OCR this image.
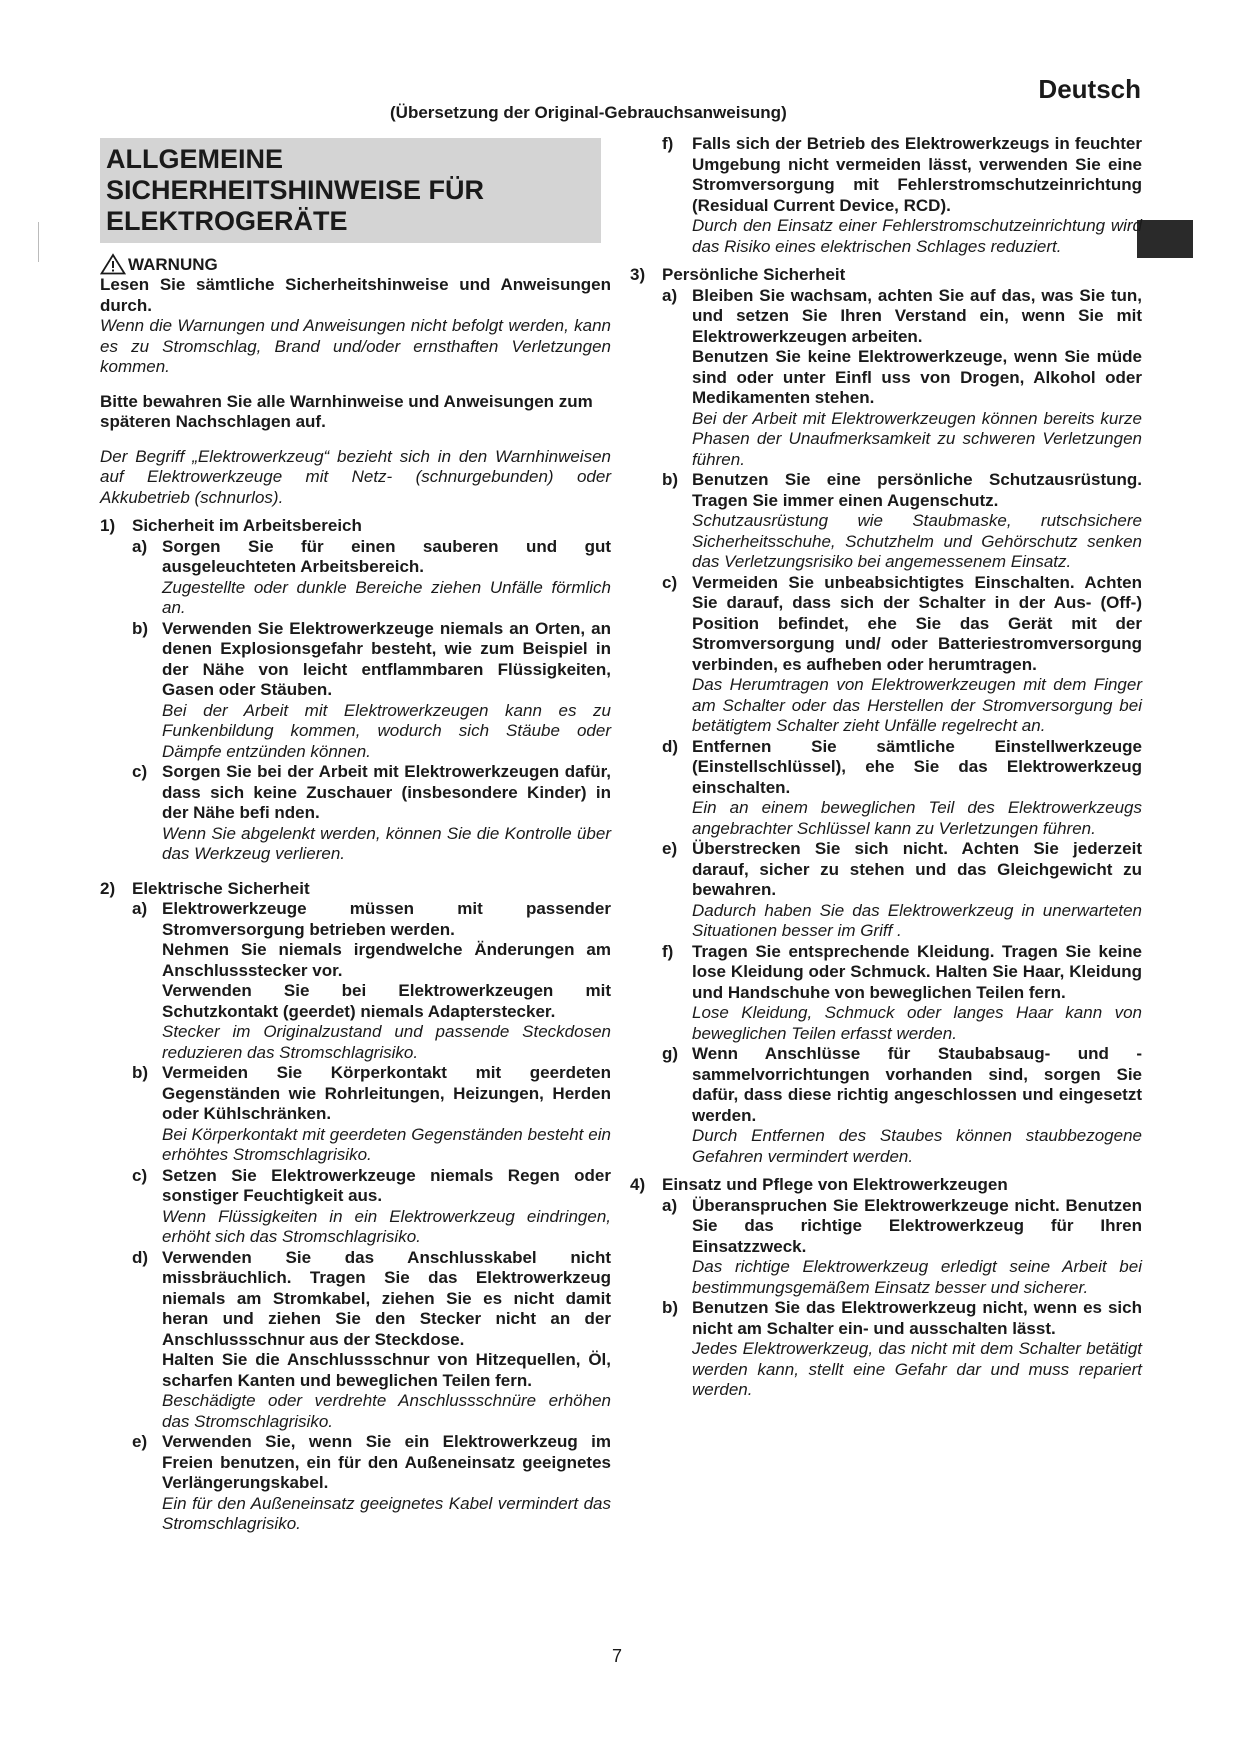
Deutsch
(Übersetzung der Original-Gebrauchsanweisung)
ALLGEMEINE SICHERHEITSHINWEISE FÜR ELEKTROGERÄTE
WARNUNG

Lesen Sie sämtliche Sicherheitshinweise und Anweisungen durch.

Wenn die Warnungen und Anweisungen nicht befolgt werden, kann es zu Stromschlag, Brand und/oder ernsthaften Verletzungen kommen.

Bitte bewahren Sie alle Warnhinweise und Anweisungen zum späteren Nachschlagen auf.

Der Begriff „Elektrowerkzeug“ bezieht sich in den Warnhinweisen auf Elektrowerkzeuge mit Netz- (schnurgebunden) oder Akkubetrieb (schnurlos).

1) Sicherheit im Arbeitsbereich
a) Sorgen Sie für einen sauberen und gut ausgeleuchteten Arbeitsbereich.

Zugestellte oder dunkle Bereiche ziehen Unfälle förmlich an.

b) Verwenden Sie Elektrowerkzeuge niemals an Orten, an denen Explosionsgefahr besteht, wie zum Beispiel in der Nähe von leicht entflammbaren Flüssigkeiten, Gasen oder Stäuben.

Bei der Arbeit mit Elektrowerkzeugen kann es zu Funkenbildung kommen, wodurch sich Stäube oder Dämpfe entzünden können.

c) Sorgen Sie bei der Arbeit mit Elektrowerkzeugen dafür, dass sich keine Zuschauer (insbesondere Kinder) in der Nähe befi nden.

Wenn Sie abgelenkt werden, können Sie die Kontrolle über das Werkzeug verlieren.

2) Elektrische Sicherheit
a) Elektrowerkzeuge müssen mit passender Stromversorgung betrieben werden.

Nehmen Sie niemals irgendwelche Änderungen am Anschlussstecker vor.

Verwenden Sie bei Elektrowerkzeugen mit Schutzkontakt (geerdet) niemals Adapterstecker.

Stecker im Originalzustand und passende Steckdosen reduzieren das Stromschlagrisiko.

b) Vermeiden Sie Körperkontakt mit geerdeten Gegenständen wie Rohrleitungen, Heizungen, Herden oder Kühlschränken.

Bei Körperkontakt mit geerdeten Gegenständen besteht ein erhöhtes Stromschlagrisiko.

c) Setzen Sie Elektrowerkzeuge niemals Regen oder sonstiger Feuchtigkeit aus.

Wenn Flüssigkeiten in ein Elektrowerkzeug eindringen, erhöht sich das Stromschlagrisiko.

d) Verwenden Sie das Anschlusskabel nicht missbräuchlich. Tragen Sie das Elektrowerkzeug niemals am Stromkabel, ziehen Sie es nicht damit heran und ziehen Sie den Stecker nicht an der Anschlussschnur aus der Steckdose.

Halten Sie die Anschlussschnur von Hitzequellen, Öl, scharfen Kanten und beweglichen Teilen fern.

Beschädigte oder verdrehte Anschlussschnüre erhöhen das Stromschlagrisiko.

e) Verwenden Sie, wenn Sie ein Elektrowerkzeug im Freien benutzen, ein für den Außeneinsatz geeignetes Verlängerungskabel.

Ein für den Außeneinsatz geeignetes Kabel vermindert das Stromschlagrisiko.

f)	Falls sich der Betrieb des Elektrowerkzeugs in feuchter Umgebung nicht vermeiden lässt, verwenden Sie eine Stromversorgung mit Fehlerstromschutzeinrichtung (Residual Current Device, RCD).

Durch den Einsatz einer Fehlerstromschutzeinrichtung wird das Risiko eines elektrischen Schlages reduziert.

3) Persönliche Sicherheit
a) Bleiben Sie wachsam, achten Sie auf das, was Sie tun, und setzen Sie Ihren Verstand ein, wenn Sie mit Elektrowerkzeugen arbeiten.

Benutzen Sie keine Elektrowerkzeuge, wenn Sie müde sind oder unter Einfl uss von Drogen, Alkohol oder Medikamenten stehen.

Bei der Arbeit mit Elektrowerkzeugen können bereits kurze Phasen der Unaufmerksamkeit zu schweren Verletzungen führen.

b) Benutzen Sie eine persönliche Schutzausrüstung. Tragen Sie immer einen Augenschutz.

Schutzausrüstung wie Staubmaske, rutschsichere Sicherheitsschuhe, Schutzhelm und Gehörschutz senken das Verletzungsrisiko bei angemessenem Einsatz.

c) Vermeiden Sie unbeabsichtigtes Einschalten. Achten Sie darauf, dass sich der Schalter in der Aus- (Off-) Position befindet, ehe Sie das Gerät mit der Stromversorgung und/ oder Batteriestromversorgung verbinden, es aufheben oder herumtragen.

Das Herumtragen von Elektrowerkzeugen mit dem Finger am Schalter oder das Herstellen der Stromversorgung bei betätigtem Schalter zieht Unfälle regelrecht an.

d) Entfernen Sie sämtliche Einstellwerkzeuge (Einstellschlüssel), ehe Sie das Elektrowerkzeug einschalten.

Ein an einem beweglichen Teil des Elektrowerkzeugs angebrachter Schlüssel kann zu Verletzungen führen.

e) Überstrecken Sie sich nicht. Achten Sie jederzeit darauf, sicher zu stehen und das Gleichgewicht zu bewahren.

Dadurch haben Sie das Elektrowerkzeug in unerwarteten Situationen besser im Griff .

f)	Tragen Sie entsprechende Kleidung. Tragen Sie keine lose Kleidung oder Schmuck. Halten Sie Haar, Kleidung und Handschuhe von beweglichen Teilen fern.

Lose Kleidung, Schmuck oder langes Haar kann von beweglichen Teilen erfasst werden.

g) Wenn Anschlüsse für Staubabsaug- und - sammelvorrichtungen vorhanden sind, sorgen Sie dafür, dass diese richtig angeschlossen und eingesetzt werden.

Durch Entfernen des Staubes können staubbezogene Gefahren vermindert werden.

4) Einsatz und Pflege von Elektrowerkzeugen
a) Überanspruchen Sie Elektrowerkzeuge nicht. Benutzen Sie das richtige Elektrowerkzeug für Ihren Einsatzzweck.

Das richtige Elektrowerkzeug erledigt seine Arbeit bei bestimmungsgemäßem Einsatz besser und sicherer.

b) Benutzen Sie das Elektrowerkzeug nicht, wenn es sich nicht am Schalter ein- und ausschalten lässt.

Jedes Elektrowerkzeug, das nicht mit dem Schalter betätigt werden kann, stellt eine Gefahr dar und muss repariert werden.

7
